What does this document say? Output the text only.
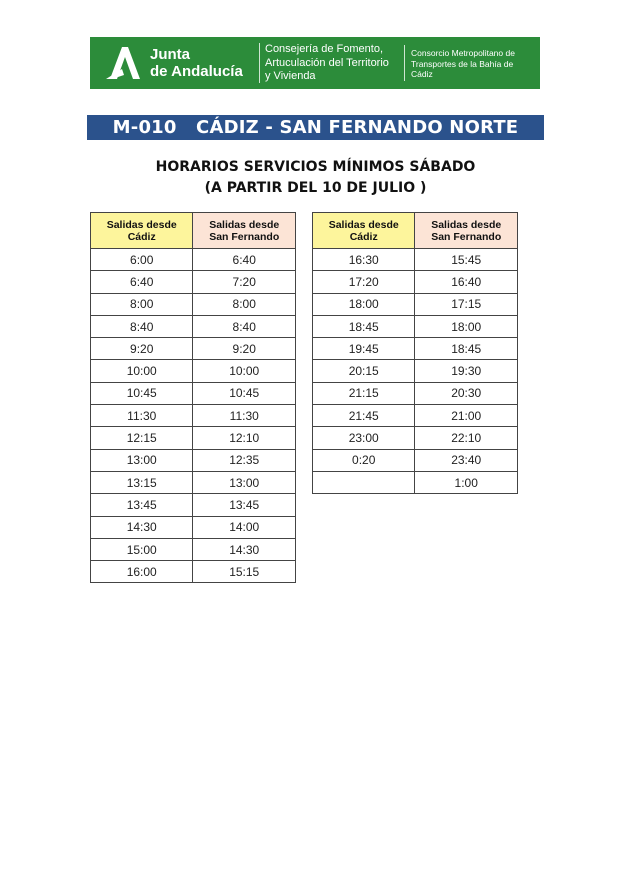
Junta
de Andalucía
Consejería de Fomento,
Artuculación del Territorio
y Vivienda
Consorcio Metropolitano de
Transportes de la Bahía de
Cádiz
M-010   CÁDIZ - SAN FERNANDO NORTE
HORARIOS SERVICIOS MÍNIMOS SÁBADO
(A PARTIR DEL 10 DE JULIO )
Salidas desde
Cádiz

Salidas desde
San Fernando

6:00	6:40
6:40	7:20
8:00	8:00
8:40	8:40
9:20	9:20
10:00	10:00
10:45	10:45
11:30	11:30
12:15	12:10
13:00	12:35
13:15	13:00
13:45	13:45
14:30	14:00
15:00	14:30
16:00	15:15
Salidas desde
Cádiz

Salidas desde
San Fernando

16:30	15:45
17:20	16:40
18:00	17:15
18:45	18:00
19:45	18:45
20:15	19:30
21:15	20:30
21:45	21:00
23:00	22:10
0:20	23:40
	1:00
